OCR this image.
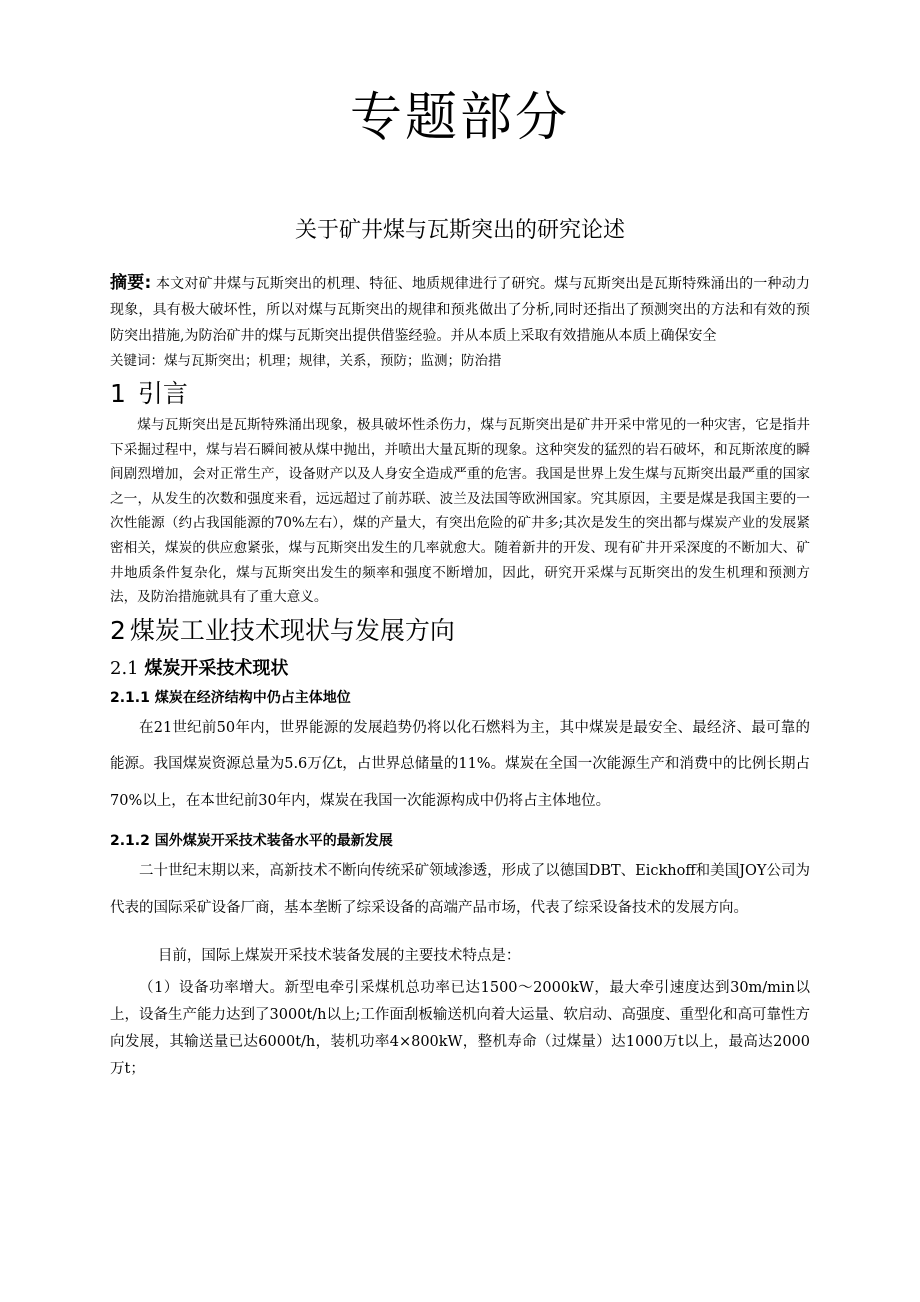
专题部分
关于矿井煤与瓦斯突出的研究论述

摘要: 本文对矿井煤与瓦斯突出的机理、特征、地质规律进行了研究。煤与瓦斯突出是瓦斯特殊涌出的一种动力现象，具有极大破坏性，所以对煤与瓦斯突出的规律和预兆做出了分析,同时还指出了预测突出的方法和有效的预防突出措施,为防治矿井的煤与瓦斯突出提供借鉴经验。并从本质上采取有效措施从本质上确保安全

关键词：煤与瓦斯突出；机理；规律，关系，预防；监测；防治措

1 引言

煤与瓦斯突出是瓦斯特殊涌出现象，极具破坏性杀伤力，煤与瓦斯突出是矿井开采中常见的一种灾害，它是指井下采掘过程中，煤与岩石瞬间被从煤中抛出，并喷出大量瓦斯的现象。这种突发的猛烈的岩石破坏，和瓦斯浓度的瞬间剧烈增加，会对正常生产，设备财产以及人身安全造成严重的危害。我国是世界上发生煤与瓦斯突出最严重的国家之一，从发生的次数和强度来看，远远超过了前苏联、波兰及法国等欧洲国家。究其原因，主要是煤是我国主要的一次性能源（约占我国能源的70%左右），煤的产量大，有突出危险的矿井多;其次是发生的突出都与煤炭产业的发展紧密相关，煤炭的供应愈紧张，煤与瓦斯突出发生的几率就愈大。随着新井的开发、现有矿井开采深度的不断加大、矿井地质条件复杂化，煤与瓦斯突出发生的频率和强度不断增加，因此，研究开采煤与瓦斯突出的发生机理和预测方法，及防治措施就具有了重大意义。

2 煤炭工业技术现状与发展方向
2.1 煤炭开采技术现状
2.1.1 煤炭在经济结构中仍占主体地位

在21世纪前50年内，世界能源的发展趋势仍将以化石燃料为主，其中煤炭是最安全、最经济、最可靠的能源。我国煤炭资源总量为5.6万亿t，占世界总储量的11%。煤炭在全国一次能源生产和消费中的比例长期占70%以上，在本世纪前30年内，煤炭在我国一次能源构成中仍将占主体地位。

2.1.2 国外煤炭开采技术装备水平的最新发展

二十世纪末期以来，高新技术不断向传统采矿领域渗透，形成了以德国DBT、Eickhoff和美国JOY公司为代表的国际采矿设备厂商，基本垄断了综采设备的高端产品市场，代表了综采设备技术的发展方向。

目前，国际上煤炭开采技术装备发展的主要技术特点是：

（1）设备功率增大。新型电牵引采煤机总功率已达1500～2000kW，最大牵引速度达到30m/min以上，设备生产能力达到了3000t/h以上;工作面刮板输送机向着大运量、软启动、高强度、重型化和高可靠性方向发展，其输送量已达6000t/h，装机功率4×800kW，整机寿命（过煤量）达1000万t以上，最高达2000万t；
